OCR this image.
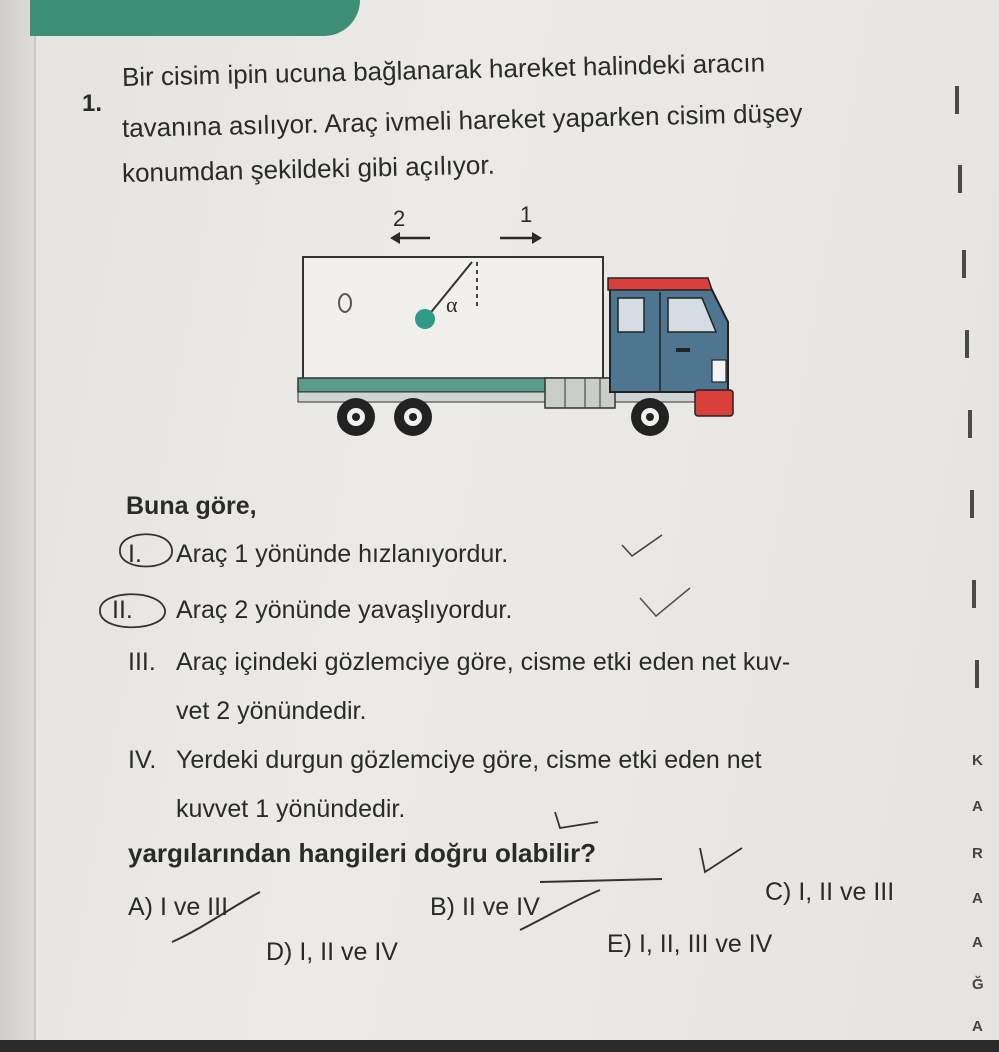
1.
Bir cisim ipin ucuna bağlanarak hareket halindeki aracın
tavanına asılıyor. Araç ivmeli hareket yaparken cisim düşey
konumdan şekildeki gibi açılıyor.
2	1
α
Buna göre,
I. Araç 1 yönünde hızlanıyordur.
II. Araç 2 yönünde yavaşlıyordur.
III. Araç içindeki gözlemciye göre, cisme etki eden net kuv-
vet 2 yönündedir.
IV. Yerdeki durgun gözlemciye göre, cisme etki eden net
kuvvet 1 yönündedir.
yargılarından hangileri doğru olabilir?
A) I ve III	B) II ve IV
C) I, II ve III
D) I, II ve IV	E) I, II, III ve IV
K
A
R
A
A
Ğ
A
